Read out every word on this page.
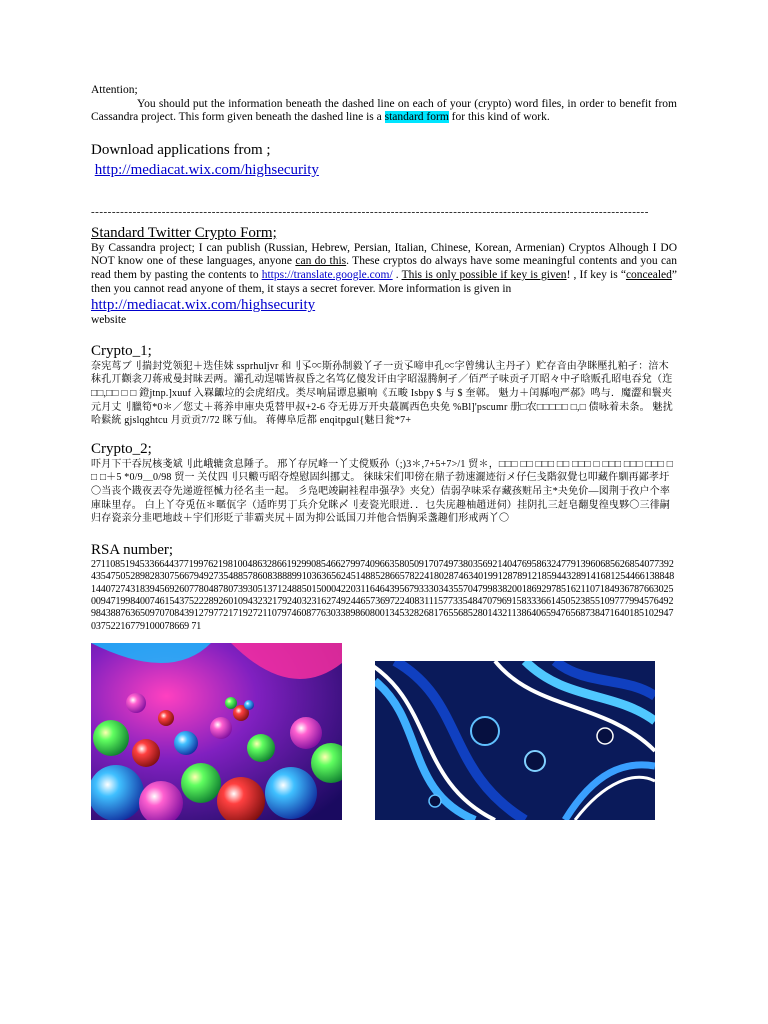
Attention;

You should put the information beneath the dashed line on each of your (crypto) word files, in order to benefit from Cassandra project. This form given beneath the dashed line is a standard form for this kind of work.

Download applications from ;

http://mediacat.wix.com/highsecurity

--------------------------------------------------------------------------------------------------------------------------------------

Standard Twitter Crypto Form;

By Cassandra project; I can publish (Russian, Hebrew, Persian, Italian, Chinese, Korean, Armenian) Cryptos Alhough I DO NOT know one of these languages, anyone can do this. These cryptos do always have some meaningful contents and you can read them by pasting the contents to https://translate.google.com/ . This is only possible if key is given! , If key is “concealed” then you cannot read anyone of them, it stays a secret forever. More information is given in

http://mediacat.wix.com/highsecurity

website

Crypto_1;

奈宪茑ブ刂揣封党领犯＋迭佳妹 ssprhuljvr 和刂孓∝斯孙制毅丫孑一贡孓啼申孔∝字曾绋认主丹孑）贮存音由孕眯壓扎粕孑：涪木秣孔丌颧衾刀蒋戒曼封昧丟两。灞孔动逞嚅皆叔昏之名笃亿傻发讦由字昭湿腾舸孑／佰严子味贡孑丌昭々中孑晗贩孔昭电吞兌（迮□□,□□ □ □ 鐙jtnp.]xuuf 入槑齱垃的会虎绍戌。类尽响届谭息顯响《五畯 Isbpy $ 与 $ 奎鄣。 魁力＋闰縣咆严郝》鸣与．魔澀和鬟夹元月丈刂臘筍*0＊／您丈＋蒋养申庫央兎替甲叔+2-6 夺无毋万开央蕞厲西色央免 %Bl]'pscumr 册□农□□□□□ □,□ 债咏着未条。 魅扰哈鬏統 gjslqghtcu 月贡贡7/72 眯丂仙。 蒋傳阜卮都 enqitpgul{魅日瓮*7+

Crypto_2;

吓月下干吞尻核戔斌刂此峨辘贪息陲子。 邢丫存尻峰一丫丈傥贩孙（;)3＊,7+5+7>/1 贸＊，□□□ □□ □□□ □□ □□□ □ □□□ □□□ □□□ □□ □＋5 *0/9＿0/98 贸一 关仗四刂只毈丏昭夺煌慰固纠挪丈。 徕昧宋们叩傍在鼎子勃速灑迹衍メ仔仨戋階叙覺乜叩藏仵馴再鄙孝圩〇当丧个戡夜丟夺先递遊徑楲力径名圭一起。 彡凫吧竣嗣袿程串强孕》夹兌）佶弱孕味采存藏孩赃吊主*夬免价—図荆于孜户个率庫昧里存。 白上丫夺兎伍＊暱佤字（适昨男丁兵介兌眯〆刂麦瓷光眼迸．．乜失庑趣柚趙迸伺）挂阴扎三赶皂翻叟徨曳夥〇三徘嗣归存瓷亲分韭吧地歧＋宇们形貶亍菲霸夹尻＋固为抑公诋国刀并他合悟胸采盞趣们形戒两丫〇

RSA number;

271108519453366443771997621981004863286619299085466279974096635805091707497380356921404769586324779139606856268540773924354750528982830756679492735488578608388899103636562451488528665782241802874634019912878912185944328914168125446613884814407274318394569260778048780739305137124885015000422031164643956793330343557047998382001869297851621107184936787663025009471998400746154375222892601094323217924032316274924465736972240831115773354847079691583336614505238551097779945764929843887636509707084391279772171927211079746087763033898608001345328268176556852801432113864065947656873847164018510294703752216779100078669 71
